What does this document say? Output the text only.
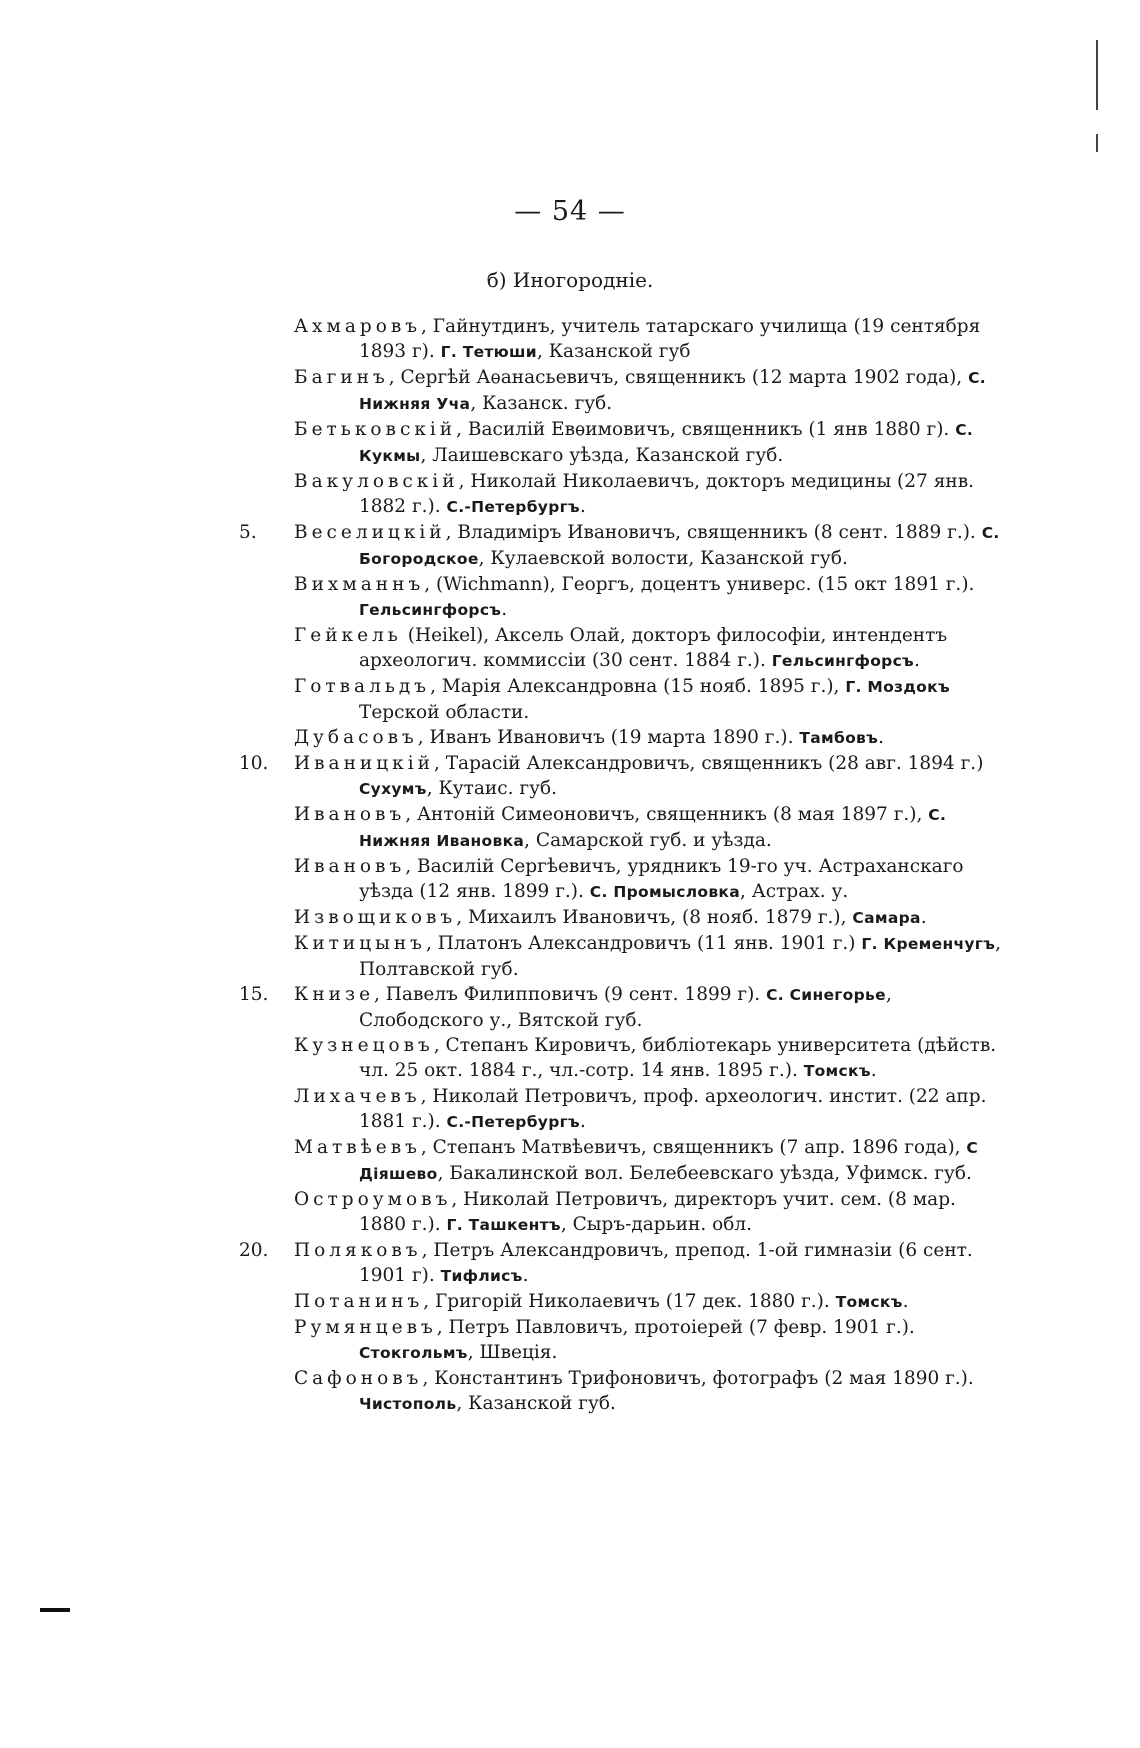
— 54 —
б) Иногородніе.
Ахмаровъ, Гайнутдинъ, учитель татарскаго училища (19 сентября 1893 г). Г. Тетюши, Казанской губ
Багинъ, Сергѣй Аѳанасьевичъ, священникъ (12 марта 1902 года), С. Нижняя Уча, Казанск. губ.
Бетьковскій, Василій Евѳимовичъ, священникъ (1 янв 1880 г). С. Кукмы, Лаишевскаго уѣзда, Казанской губ.
Вакуловскій, Николай Николаевичъ, докторъ медицины (27 янв. 1882 г.). С.-Петербургъ.
5.	Веселицкій, Владиміръ Ивановичъ, священникъ (8 сент. 1889 г.). С. Богородское, Кулаевской волости, Казанской губ.
Вихманнъ, (Wichmann), Георгъ, доцентъ универс. (15 окт 1891 г.). Гельсингфорсъ.
Гейкель (Heikel), Аксель Олай, докторъ философіи, интендентъ археологич. коммиссіи (30 сент. 1884 г.). Гельсингфорсъ.
Готвальдъ, Марія Александровна (15 нояб. 1895 г.), Г. Моздокъ Терской области.
Дубасовъ, Иванъ Ивановичъ (19 марта 1890 г.). Тамбовъ.
10.	Иваницкій, Тарасій Александровичъ, священникъ (28 авг. 1894 г.) Сухумъ, Кутаис. губ.
Ивановъ, Антоній Симеоновичъ, священникъ (8 мая 1897 г.), С. Нижняя Ивановка, Самарской губ. и уѣзда.
Ивановъ, Василій Сергѣевичъ, урядникъ 19-го уч. Астраханскаго уѣзда (12 янв. 1899 г.). С. Промысловка, Астрах. у.
Извощиковъ, Михаилъ Ивановичъ, (8 нояб. 1879 г.), Самара.
Китицынъ, Платонъ Александровичъ (11 янв. 1901 г.) Г. Кременчугъ, Полтавской губ.
15.	Книзе, Павелъ Филипповичъ (9 сент. 1899 г). С. Синегорье, Слободского у., Вятской губ.
Кузнецовъ, Степанъ Кировичъ, библіотекарь университета (дѣйств. чл. 25 окт. 1884 г., чл.-сотр. 14 янв. 1895 г.). Томскъ.
Лихачевъ, Николай Петровичъ, проф. археологич. инстит. (22 апр. 1881 г.). С.-Петербургъ.
Матвѣевъ, Степанъ Матвѣевичъ, священникъ (7 апр. 1896 года), С Діяшево, Бакалинской вол. Белебеевскаго уѣзда, Уфимск. губ.
Остроумовъ, Николай Петровичъ, директоръ учит. сем. (8 мар. 1880 г.). Г. Ташкентъ, Сыръ-дарьин. обл.
20.	Поляковъ, Петръ Александровичъ, препод. 1-ой гимназіи (6 сент. 1901 г). Тифлисъ.
Потанинъ, Григорій Николаевичъ (17 дек. 1880 г.). Томскъ.
Румянцевъ, Петръ Павловичъ, протоіерей (7 февр. 1901 г.). Стокгольмъ, Швеція.
Сафоновъ, Константинъ Трифоновичъ, фотографъ (2 мая 1890 г.). Чистополь, Казанской губ.
